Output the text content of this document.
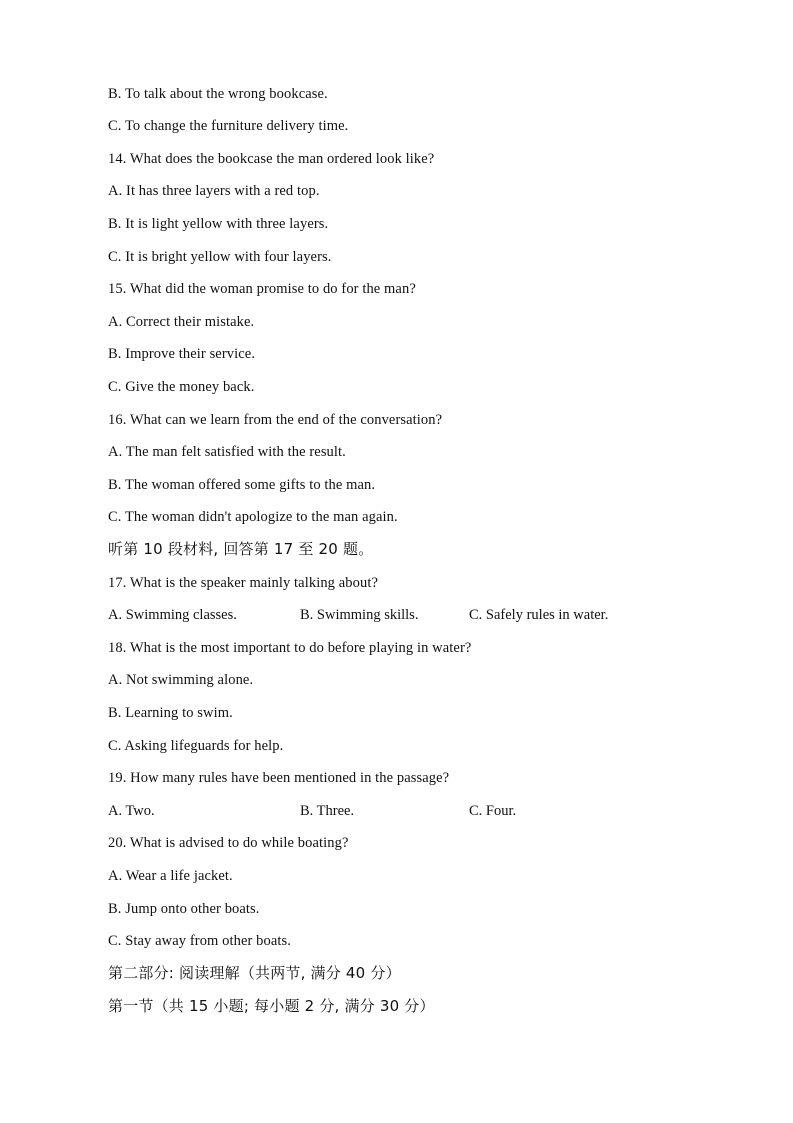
B. To talk about the wrong bookcase.
C. To change the furniture delivery time.
14. What does the bookcase the man ordered look like?
A. It has three layers with a red top.
B. It is light yellow with three layers.
C. It is bright yellow with four layers.
15. What did the woman promise to do for the man?
A. Correct their mistake.
B. Improve their service.
C. Give the money back.
16. What can we learn from the end of the conversation?
A. The man felt satisfied with the result.
B. The woman offered some gifts to the man.
C. The woman didn't apologize to the man again.
听第 10 段材料, 回答第 17 至 20 题。
17. What is the speaker mainly talking about?

A. Swimming classes.

	B. Swimming skills.

	C. Safely rules in water.

18. What is the most important to do before playing in water?
A. Not swimming alone.
B. Learning to swim.
C. Asking lifeguards for help.
19. How many rules have been mentioned in the passage?

A. Two.

	B. Three.

	C. Four.

20. What is advised to do while boating?
A. Wear a life jacket.
B. Jump onto other boats.
C. Stay away from other boats.
第二部分: 阅读理解（共两节, 满分 40 分）
第一节（共 15 小题; 每小题 2 分, 满分 30 分）
